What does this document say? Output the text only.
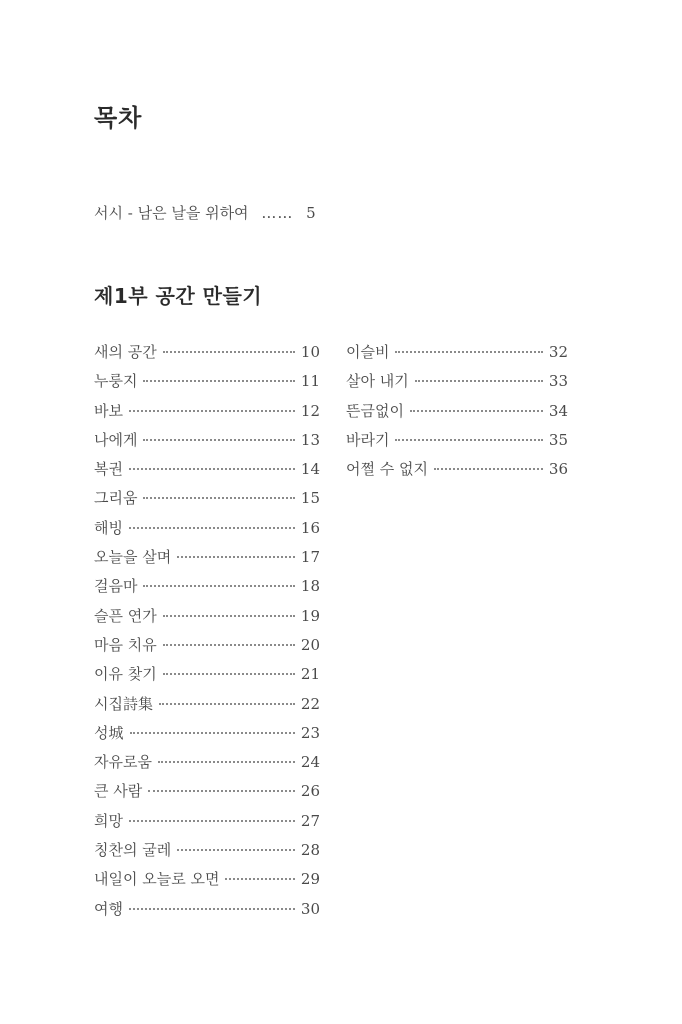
목차
서시 - 남은 날을 위하여 …… 5
제1부 공간 만들기
새의 공간	10
누룽지	11
바보	12
나에게	13
복권	14
그리움	15
해빙	16
오늘을 살며	17
걸음마	18
슬픈 연가	19
마음 치유	20
이유 찾기	21
시집詩集	22
성城	23
자유로움	24
큰 사람	26
희망	27
칭찬의 굴레	28
내일이 오늘로 오면	29
여행	30
이슬비	32
살아 내기	33
뜬금없이	34
바라기	35
어쩔 수 없지	36
